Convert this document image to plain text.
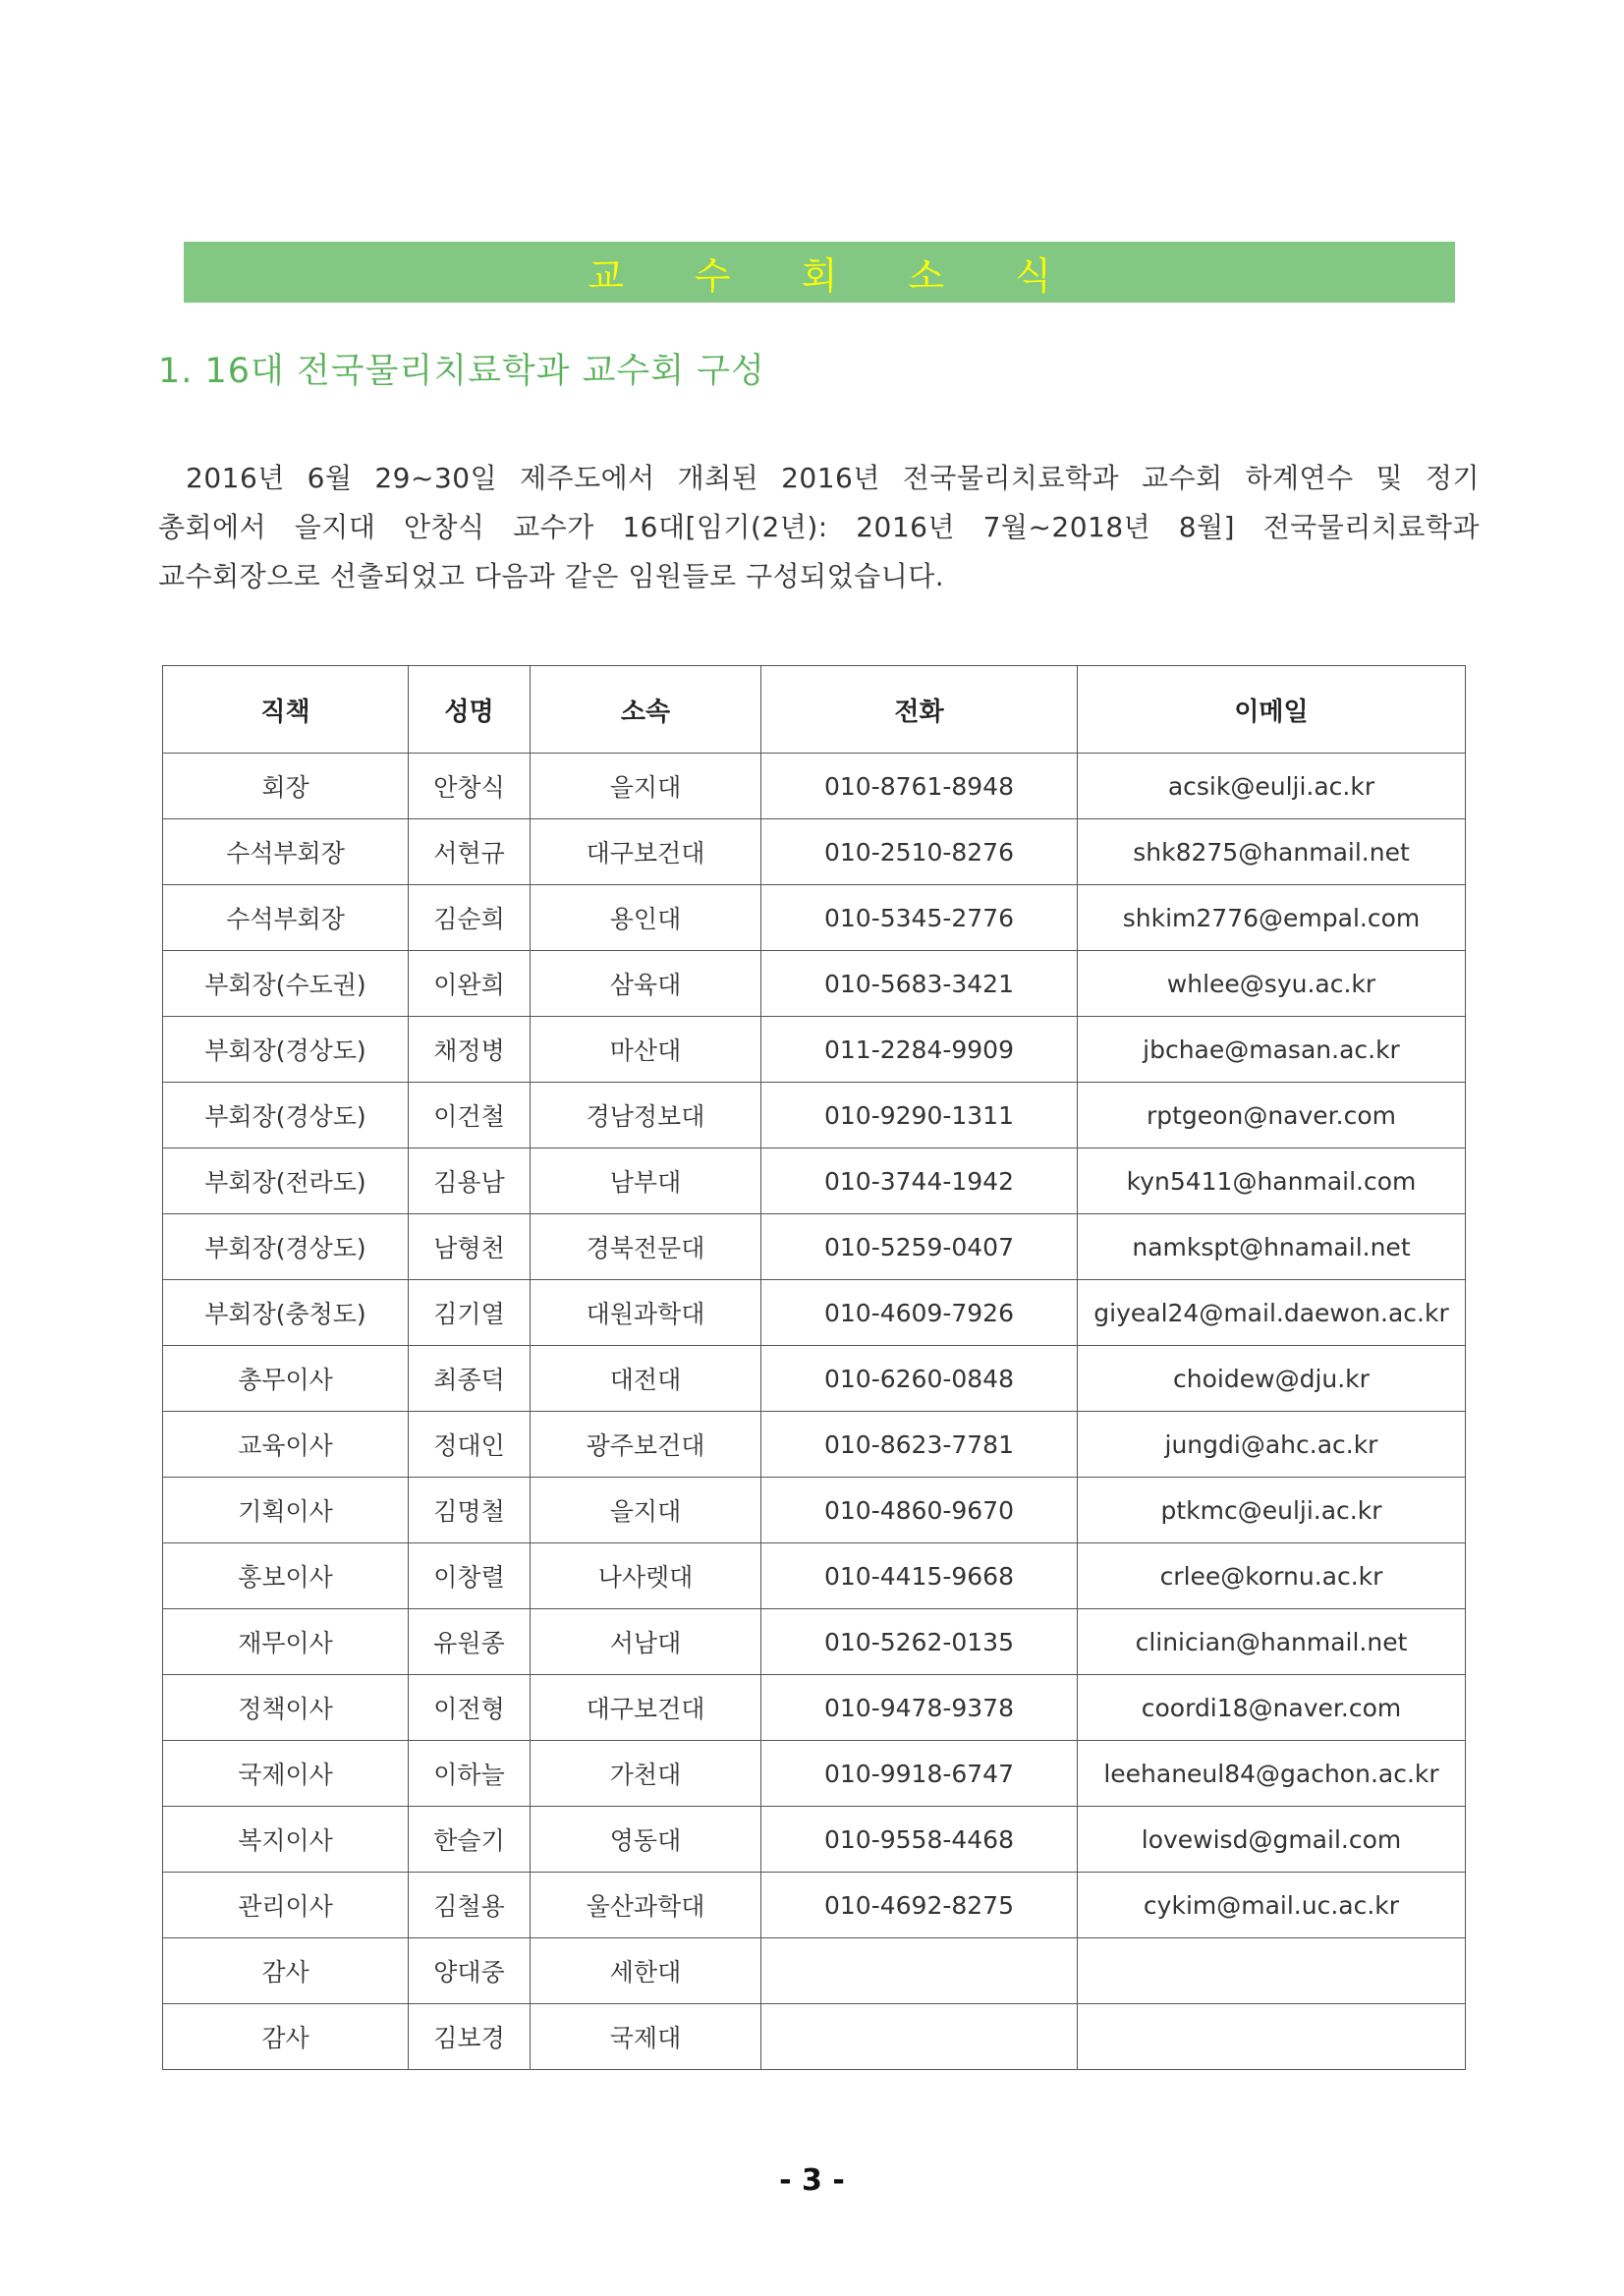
교 수 회 소 식
1. 16대 전국물리치료학과 교수회 구성

2016년 6월 29~30일 제주도에서 개최된 2016년 전국물리치료학과 교수회 하계연수 및 정기

총회에서 을지대 안창식 교수가 16대[임기(2년): 2016년 7월~2018년 8월] 전국물리치료학과

교수회장으로 선출되었고 다음과 같은 임원들로 구성되었습니다.

직책	성명	소속	전화	이메일
회장	안창식	을지대	010-8761-8948	acsik@eulji.ac.kr
수석부회장	서현규	대구보건대	010-2510-8276	shk8275@hanmail.net
수석부회장	김순희	용인대	010-5345-2776	shkim2776@empal.com
부회장(수도권)	이완희	삼육대	010-5683-3421	whlee@syu.ac.kr
부회장(경상도)	채정병	마산대	011-2284-9909	jbchae@masan.ac.kr
부회장(경상도)	이건철	경남정보대	010-9290-1311	rptgeon@naver.com
부회장(전라도)	김용남	남부대	010-3744-1942	kyn5411@hanmail.com
부회장(경상도)	남형천	경북전문대	010-5259-0407	namkspt@hnamail.net
부회장(충청도)	김기열	대원과학대	010-4609-7926	giyeal24@mail.daewon.ac.kr
총무이사	최종덕	대전대	010-6260-0848	choidew@dju.kr
교육이사	정대인	광주보건대	010-8623-7781	jungdi@ahc.ac.kr
기획이사	김명철	을지대	010-4860-9670	ptkmc@eulji.ac.kr
홍보이사	이창렬	나사렛대	010-4415-9668	crlee@kornu.ac.kr
재무이사	유원종	서남대	010-5262-0135	clinician@hanmail.net
정책이사	이전형	대구보건대	010-9478-9378	coordi18@naver.com
국제이사	이하늘	가천대	010-9918-6747	leehaneul84@gachon.ac.kr
복지이사	한슬기	영동대	010-9558-4468	lovewisd@gmail.com
관리이사	김철용	울산과학대	010-4692-8275	cykim@mail.uc.ac.kr
감사	양대중	세한대		
감사	김보경	국제대		
- 3 -
